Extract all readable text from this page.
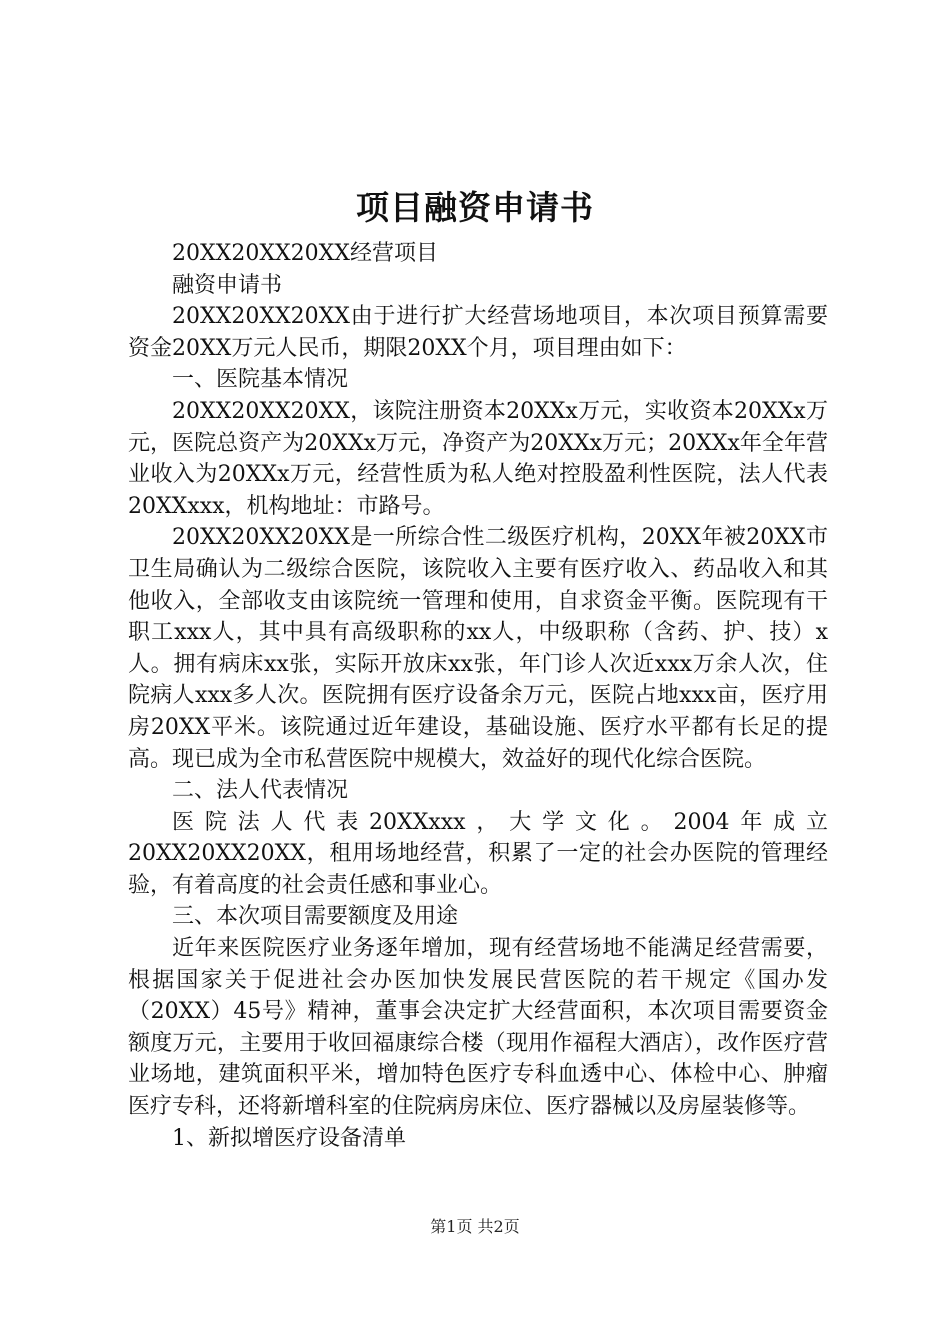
项目融资申请书

20XX20XX20XX经营项目

融资申请书

20XX20XX20XX由于进行扩大经营场地项目，本次项目预算需要资金20XX万元人民币，期限20XX个月，项目理由如下：

一、医院基本情况

20XX20XX20XX，该院注册资本20XXx万元，实收资本20XXx万元，医院总资产为20XXx万元，净资产为20XXx万元；20XXx年全年营业收入为20XXx万元，经营性质为私人绝对控股盈利性医院，法人代表20XXxxx，机构地址：市路号。

20XX20XX20XX是一所综合性二级医疗机构，20XX年被20XX市卫生局确认为二级综合医院，该院收入主要有医疗收入、药品收入和其他收入，全部收支由该院统一管理和使用，自求资金平衡。医院现有干职工xxx人，其中具有高级职称的xx人，中级职称（含药、护、技）x人。拥有病床xx张，实际开放床xx张，年门诊人次近xxx万余人次，住院病人xxx多人次。医院拥有医疗设备余万元，医院占地xxx亩，医疗用房20XX平米。该院通过近年建设，基础设施、医疗水平都有长足的提高。现已成为全市私营医院中规模大，效益好的现代化综合医院。

二、法人代表情况

医院法人代表20XXxxx，大学文化。2004年成立20XX20XX20XX，租用场地经营，积累了一定的社会办医院的管理经验，有着高度的社会责任感和事业心。

三、本次项目需要额度及用途

近年来医院医疗业务逐年增加，现有经营场地不能满足经营需要，根据国家关于促进社会办医加快发展民营医院的若干规定《国办发（20XX）45号》精神，董事会决定扩大经营面积，本次项目需要资金额度万元，主要用于收回福康综合楼（现用作福程大酒店），改作医疗营业场地，建筑面积平米，增加特色医疗专科血透中心、体检中心、肿瘤医疗专科，还将新增科室的住院病房床位、医疗器械以及房屋装修等。

1、新拟增医疗设备清单

第1页 共2页
